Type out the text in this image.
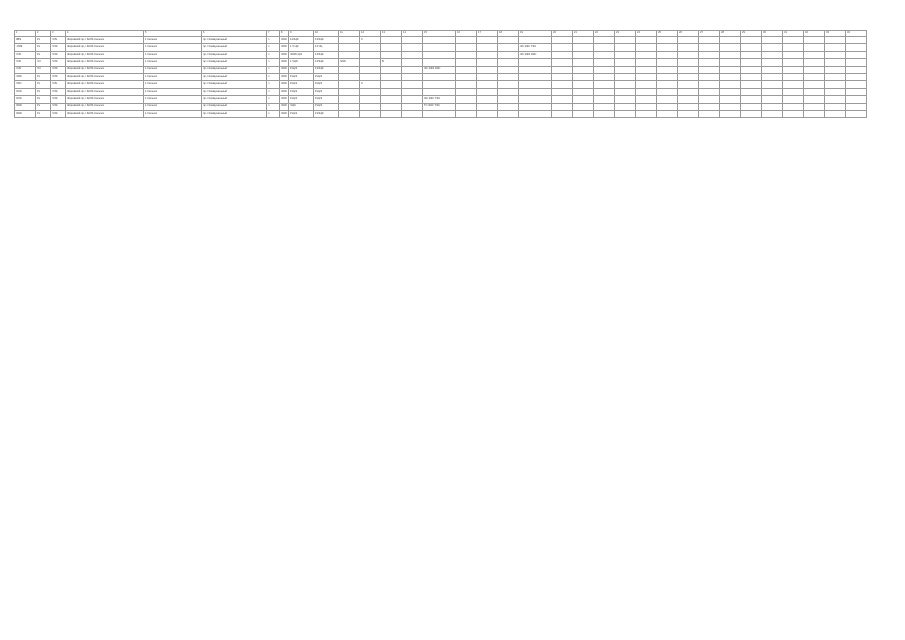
1	2	3	4	5	6	7	8	9	10	11	12	13	14	15	16	17	18	19	20	21	22	23	24	25	26	27	28	29	30	31	32	33	34
3ВЭ	1Ч	ЧЧЧ	Жоровский пр-т ЗАЛЬ Сельхоз	1 Сельхоз	пр-т Коммунальный	ч	ЭЭЭ	14ЧЦЭ	13ЧЦЭ		C																						
-ЛЭЭ	1Ч	ЧЧЭ	Жоровский пр-т ЗАЛЬ Сельхоз	1 Сельхоз	пр-т Коммунальный	ч	ЭЭЭ	1 Ч ЦЭ	13 ЧЦ									ЭС ЭЭС ТЭС															
ЧЧЧ	1Ч	ЧЧЭ	Жоровский пр-т ЗАЛЬ Сельхоз	1 Сельхоз	пр-т Коммунальный	ч	ЭЭЭ	ЭЭЭЧ ЦЭ	13ЧЦЭ									ЭС ЭЭЭ ЭЭС															
ЧЧЧ	ЧЧ	ЧЧЭ	Жоровский пр-т ЗАЛЬ Сельхоз	1 Сельхоз	пр-т Коммунальный	ч	ЭЭЭ	1 ЧЦЭ	13ЧЦЭ	ЭЭЭ		В																					
ЧЧЧ	ЧЧ	ЧЧЭ	Жоровский пр-т ЗАЛЬ Сельхоз	1 Сельхоз	пр-т Коммунальный	ч	ЭЭЭ	1ЧЦЭ	13ЧЦЭ					ЭС ЭЭЭ ЭЭС																			
ЧЭЭ	1Ч	ЧЧЭ	Жоровский пр-т ЗАЛЬ Сельхоз	1 Сельхоз	пр-т Коммунальный	ч	ЭЭЭ	1ЧЦЭ	1ЧЦЭ																								
ЧЭЧ	1Ч	ЧЧЧ	Жоровский пр-т ЗАЛЬ Сельхоз	1 Сельхоз	пр-т Коммунальный	ч	ЭЭЭ	1ЧЦЭ	1ЧЦЭ		C																						
ЭЧЭ	1Ч	ЧЧЭ	Жоровский пр-т ЗАЛЬ Сельхоз	1 Сельхоз	пр-т Коммунальный	ч	ЭЭЭ	1ЧЦЭ	1ЧЦЭ																								
ЭЧЭ	1Ч	ЧЧЭ	Жоровский пр-т ЗАЛЬ Сельхоз	1 Сельхоз	пр-т Коммунальный	ч	ЭЭЭ	1ЧЦЭ	1ЧЦЭ					ЭС ЭЭС ТЭС																			
ЭЭЭ	1Ч	ЧЧЭ	Жоровский пр-т ЗАЛЬ Сельхоз	1 Сельхоз	пр-т Коммунальный	ч	ЭЭЭ	ЧЦЭ	1ЧЦЭ					ТС ЭЭС ТЭС																			
ЭЭЭ	1Ч	ЧЧЭ	Жоровский пр-т ЗАЛЬ Сельхоз	1 Сельхоз	пр-т Коммунальный	ч	ЭЭЭ	1ЧЦЭ	13ЧЦЭ																								
